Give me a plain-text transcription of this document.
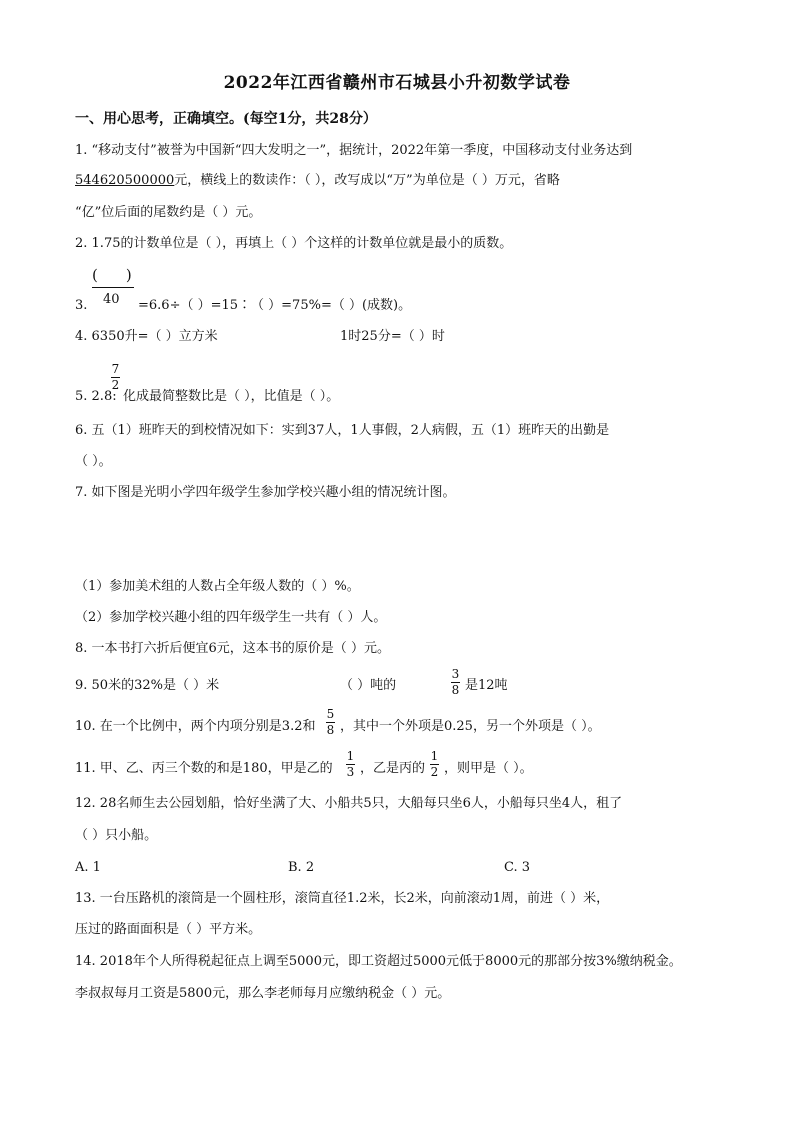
2022年江西省赣州市石城县小升初数学试卷
一、用心思考，正确填空。(每空1分，共28分）
1. “移动支付”被誉为中国新“四大发明之一”，据统计，2022年第一季度，中国移动支付业务达到
544620500000元，横线上的数读作：（ ），改写成以“万”为单位是（ ）万元，省略
“亿”位后面的尾数约是（ ）元。
2. 1.75的计数单位是（ ），再填上（ ）个这样的计数单位就是最小的质数。
( )
40
3.	=6.6÷（ ）=15∶（ ）=75%=（ ）(成数)。
4. 6350升=（ ）立方米	1时25分=（ ）时
5. 2.8:
7
2
化成最简整数比是（ ），比值是（ ）。
6. 五（1）班昨天的到校情况如下：实到37人，1人事假，2人病假，五（1）班昨天的出勤是
（ ）。
7. 如下图是光明小学四年级学生参加学校兴趣小组的情况统计图。
（1）参加美术组的人数占全年级人数的（ ）%。
（2）参加学校兴趣小组的四年级学生一共有（ ）人。
8. 一本书打六折后便宜6元，这本书的原价是（ ）元。
9. 50米的32%是（ ）米	（ ）吨的
3
8 是12吨
10. 在一个比例中，两个内项分别是3.2和
5
8 ，其中一个外项是0.25，另一个外项是（ ）。
11. 甲、乙、丙三个数的和是180，甲是乙的
1
3 ，乙是丙的
1
2 ，则甲是（ ）。
12. 28名师生去公园划船，恰好坐满了大、小船共5只，大船每只坐6人，小船每只坐4人，租了
（ ）只小船。
A. 1	B. 2	C. 3
13. 一台压路机的滚筒是一个圆柱形，滚筒直径1.2米，长2米，向前滚动1周，前进（ ）米，
压过的路面面积是（ ）平方米。
14. 2018年个人所得税起征点上调至5000元，即工资超过5000元低于8000元的那部分按3%缴纳税金。
李叔叔每月工资是5800元，那么李老师每月应缴纳税金（ ）元。
